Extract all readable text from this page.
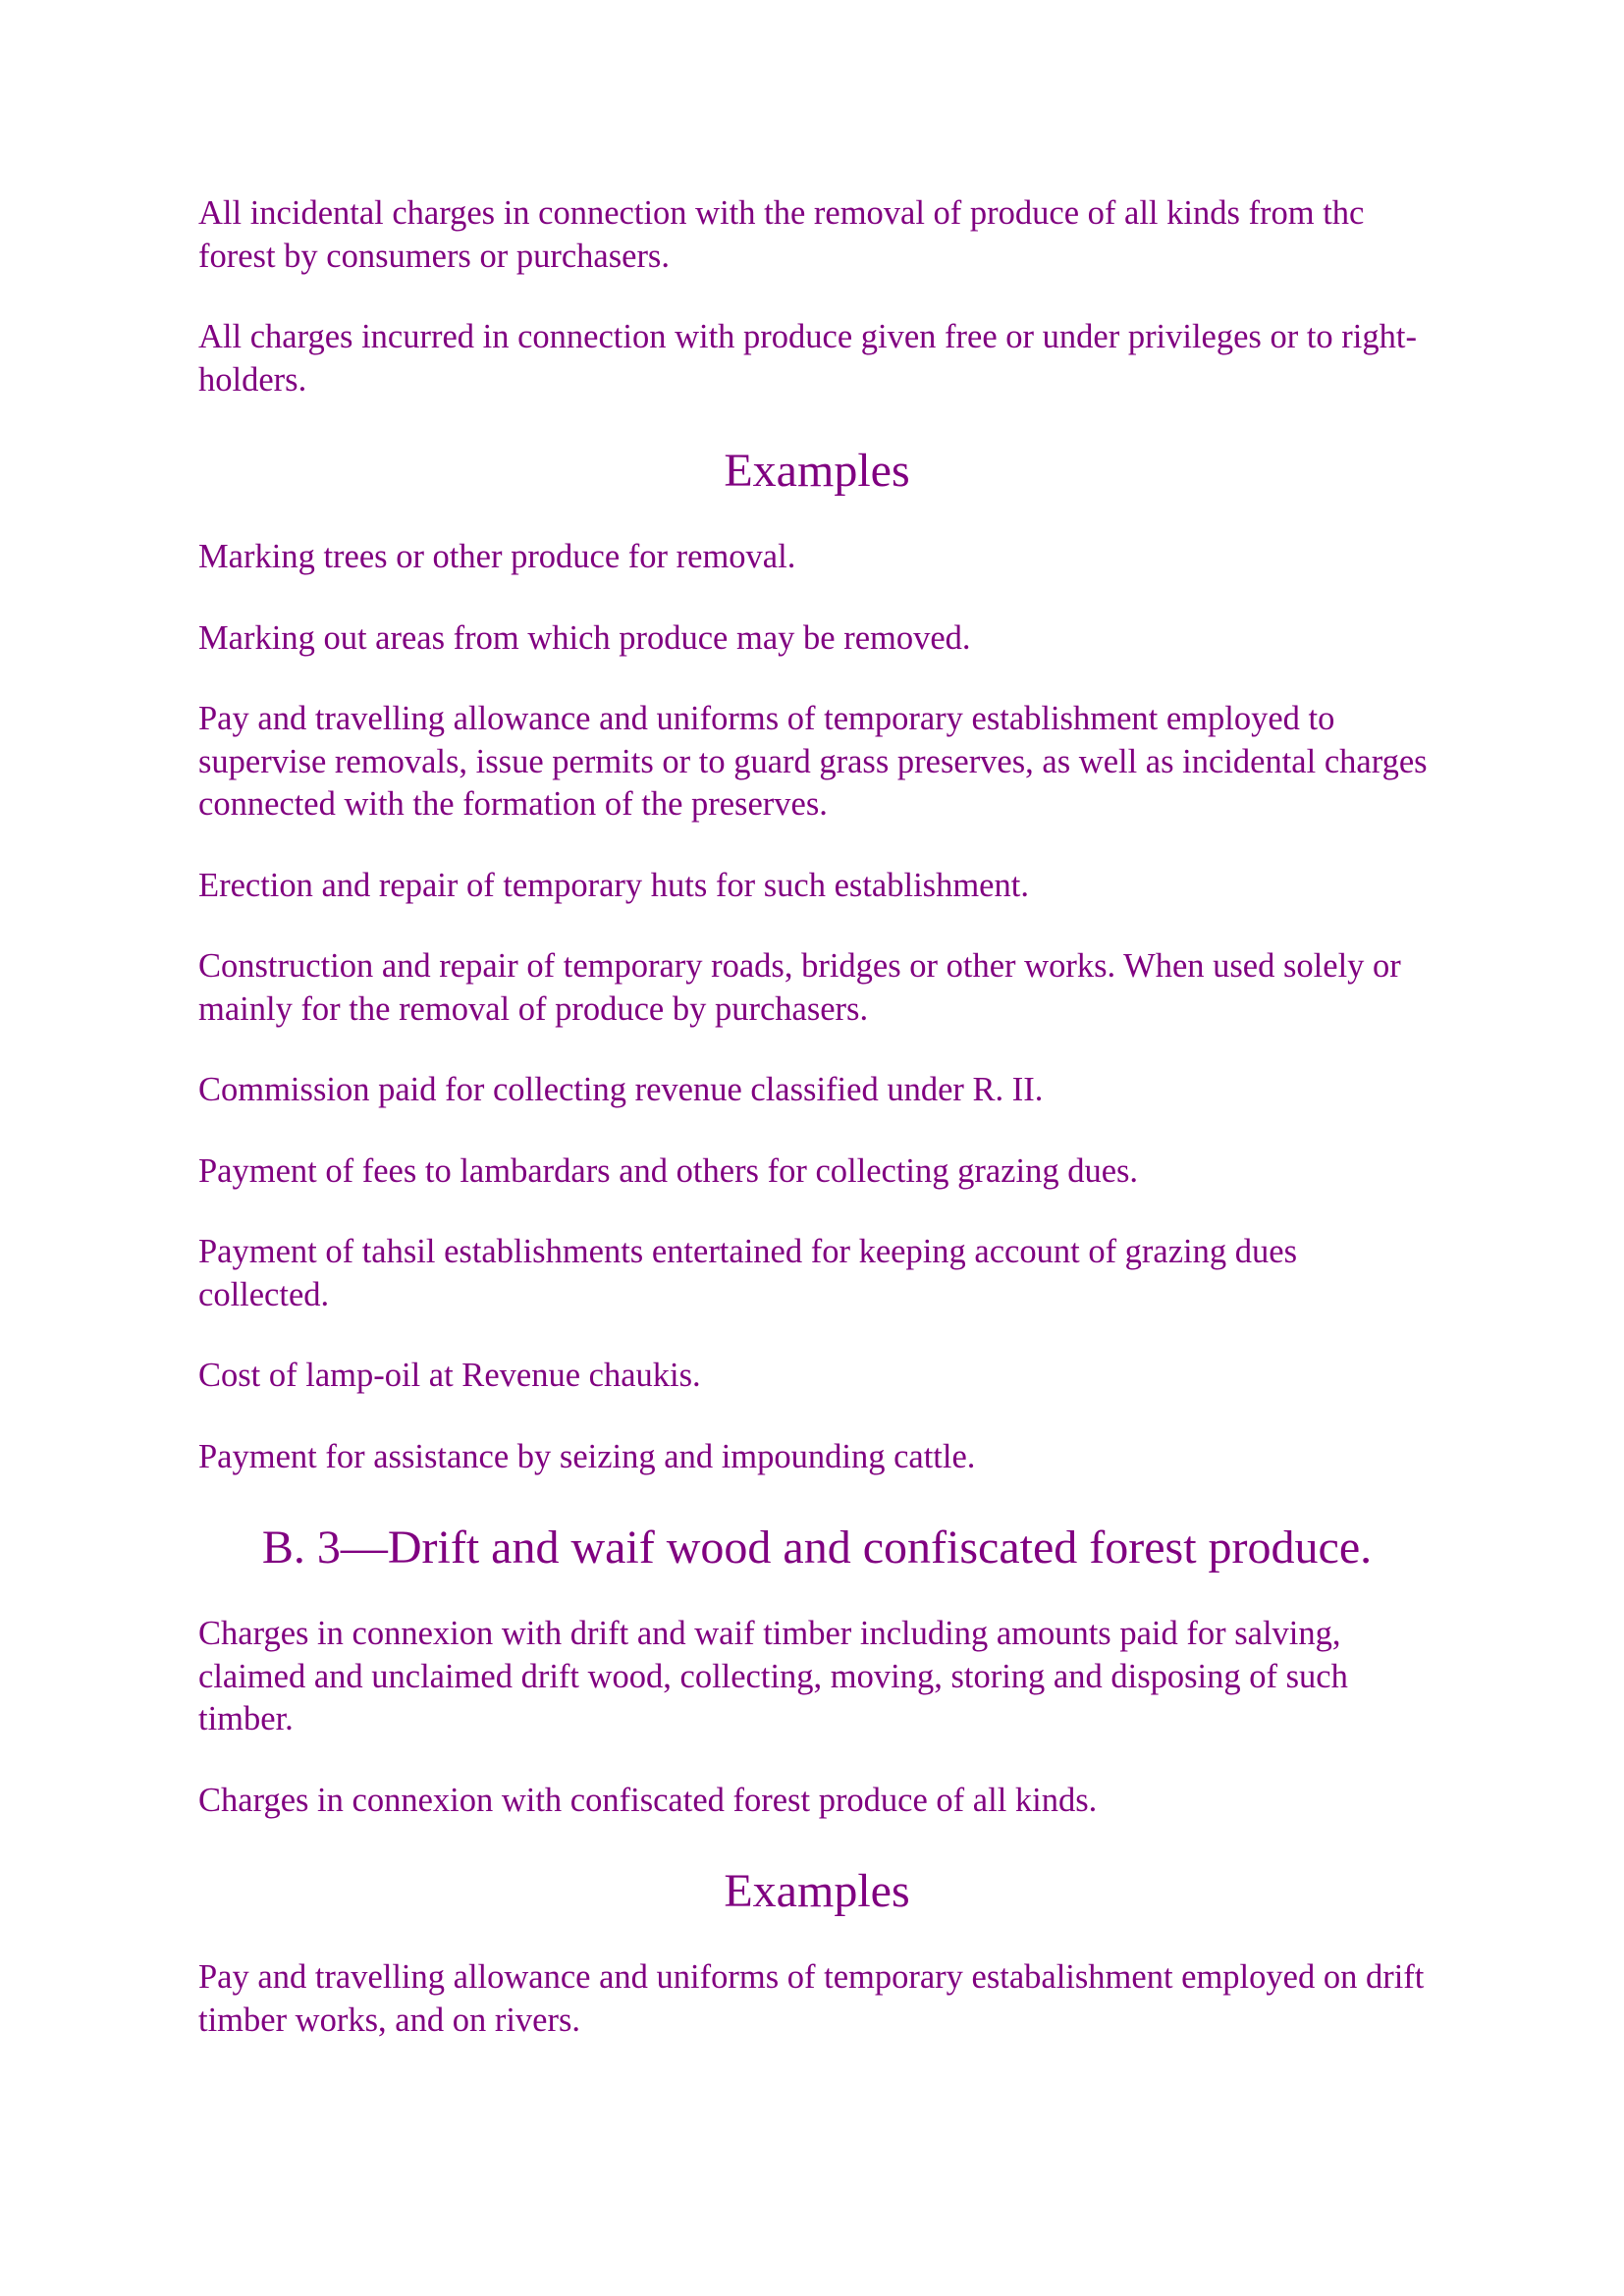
All incidental charges in connection with the removal of produce of all kinds from thc forest by consumers or purchasers.

All charges incurred in connection with produce given free or under privileges or to right-holders.

Examples

Marking trees or other produce for removal.

Marking out areas from which produce may be removed.

Pay and travelling allowance and uniforms of temporary establishment employed to supervise removals, issue permits or to guard grass preserves, as well as incidental charges connected with the formation of the preserves.

Erection and repair of temporary huts for such establishment.

Construction and repair of temporary roads, bridges or other works. When used solely or mainly for the removal of produce by purchasers.

Commission paid for collecting revenue classified under R. II.

Payment of fees to lambardars and others for collecting grazing dues.

Payment of tahsil establishments entertained for keeping account of grazing dues collected.

Cost of lamp-oil at Revenue chaukis.

Payment for assistance by seizing and impounding cattle.

B. 3—Drift and waif wood and confiscated forest produce.

Charges in connexion with drift and waif timber including amounts paid for salving, claimed and unclaimed drift wood, collecting, moving, storing and disposing of such timber.

Charges in connexion with confiscated forest produce of all kinds.

Examples

Pay and travelling allowance and uniforms of temporary estabalishment employed on drift timber works, and on rivers.
